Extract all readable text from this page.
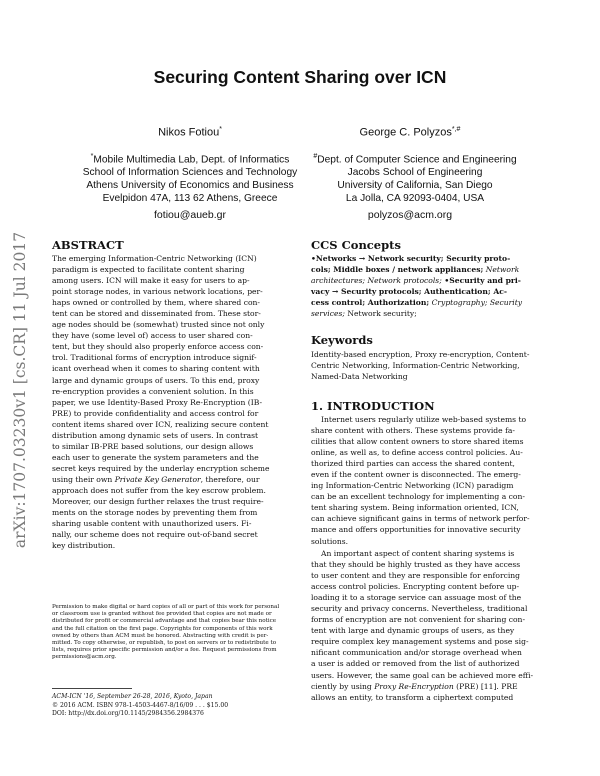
arXiv:1707.03230v1 [cs.CR] 11 Jul 2017
Securing Content Sharing over ICN
Nikos Fotiou*	George C. Polyzos*,#
*Mobile Multimedia Lab, Dept. of Informatics
School of Information Sciences and Technology
Athens University of Economics and Business
Evelpidon 47A, 113 62 Athens, Greece
#Dept. of Computer Science and Engineering
Jacobs School of Engineering
University of California, San Diego
La Jolla, CA 92093-0404, USA
fotiou@aueb.gr	polyzos@acm.org
ABSTRACT
The emerging Information-Centric Networking (ICN)
paradigm is expected to facilitate content sharing
among users. ICN will make it easy for users to ap-
point storage nodes, in various network locations, per-
haps owned or controlled by them, where shared con-
tent can be stored and disseminated from. These stor-
age nodes should be (somewhat) trusted since not only
they have (some level of) access to user shared con-
tent, but they should also properly enforce access con-
trol. Traditional forms of encryption introduce signif-
icant overhead when it comes to sharing content with
large and dynamic groups of users. To this end, proxy
re-encryption provides a convenient solution. In this
paper, we use Identity-Based Proxy Re-Encryption (IB-
PRE) to provide confidentiality and access control for
content items shared over ICN, realizing secure content
distribution among dynamic sets of users. In contrast
to similar IB-PRE based solutions, our design allows
each user to generate the system parameters and the
secret keys required by the underlay encryption scheme
using their own Private Key Generator, therefore, our
approach does not suffer from the key escrow problem.
Moreover, our design further relaxes the trust require-
ments on the storage nodes by preventing them from
sharing usable content with unauthorized users. Fi-
nally, our scheme does not require out-of-band secret
key distribution.
Permission to make digital or hard copies of all or part of this work for personal
or classroom use is granted without fee provided that copies are not made or
distributed for profit or commercial advantage and that copies bear this notice
and the full citation on the first page. Copyrights for components of this work
owned by others than ACM must be honored. Abstracting with credit is per-
mitted. To copy otherwise, or republish, to post on servers or to redistribute to
lists, requires prior specific permission and/or a fee. Request permissions from
permissions@acm.org.
ACM-ICN '16, September 26-28, 2016, Kyoto, Japan
© 2016 ACM. ISBN 978-1-4503-4467-8/16/09 . . . $15.00
DOI: http://dx.doi.org/10.1145/2984356.2984376
CCS Concepts
•Networks → Network security; Security proto-
cols; Middle boxes / network appliances; Network
architectures; Network protocols; •Security and pri-
vacy → Security protocols; Authentication; Ac-
cess control; Authorization; Cryptography; Security
services; Network security;
Keywords
Identity-based encryption, Proxy re-encryption, Content-
Centric Networking, Information-Centric Networking,
Named-Data Networking
1. INTRODUCTION
Internet users regularly utilize web-based systems to
share content with others. These systems provide fa-
cilities that allow content owners to store shared items
online, as well as, to define access control policies. Au-
thorized third parties can access the shared content,
even if the content owner is disconnected. The emerg-
ing Information-Centric Networking (ICN) paradigm
can be an excellent technology for implementing a con-
tent sharing system. Being information oriented, ICN,
can achieve significant gains in terms of network perfor-
mance and offers opportunities for innovative security
solutions.
An important aspect of content sharing systems is
that they should be highly trusted as they have access
to user content and they are responsible for enforcing
access control policies. Encrypting content before up-
loading it to a storage service can assuage most of the
security and privacy concerns. Nevertheless, traditional
forms of encryption are not convenient for sharing con-
tent with large and dynamic groups of users, as they
require complex key management systems and pose sig-
nificant communication and/or storage overhead when
a user is added or removed from the list of authorized
users. However, the same goal can be achieved more effi-
ciently by using Proxy Re-Encryption (PRE) [11]. PRE
allows an entity, to transform a ciphertext computed
